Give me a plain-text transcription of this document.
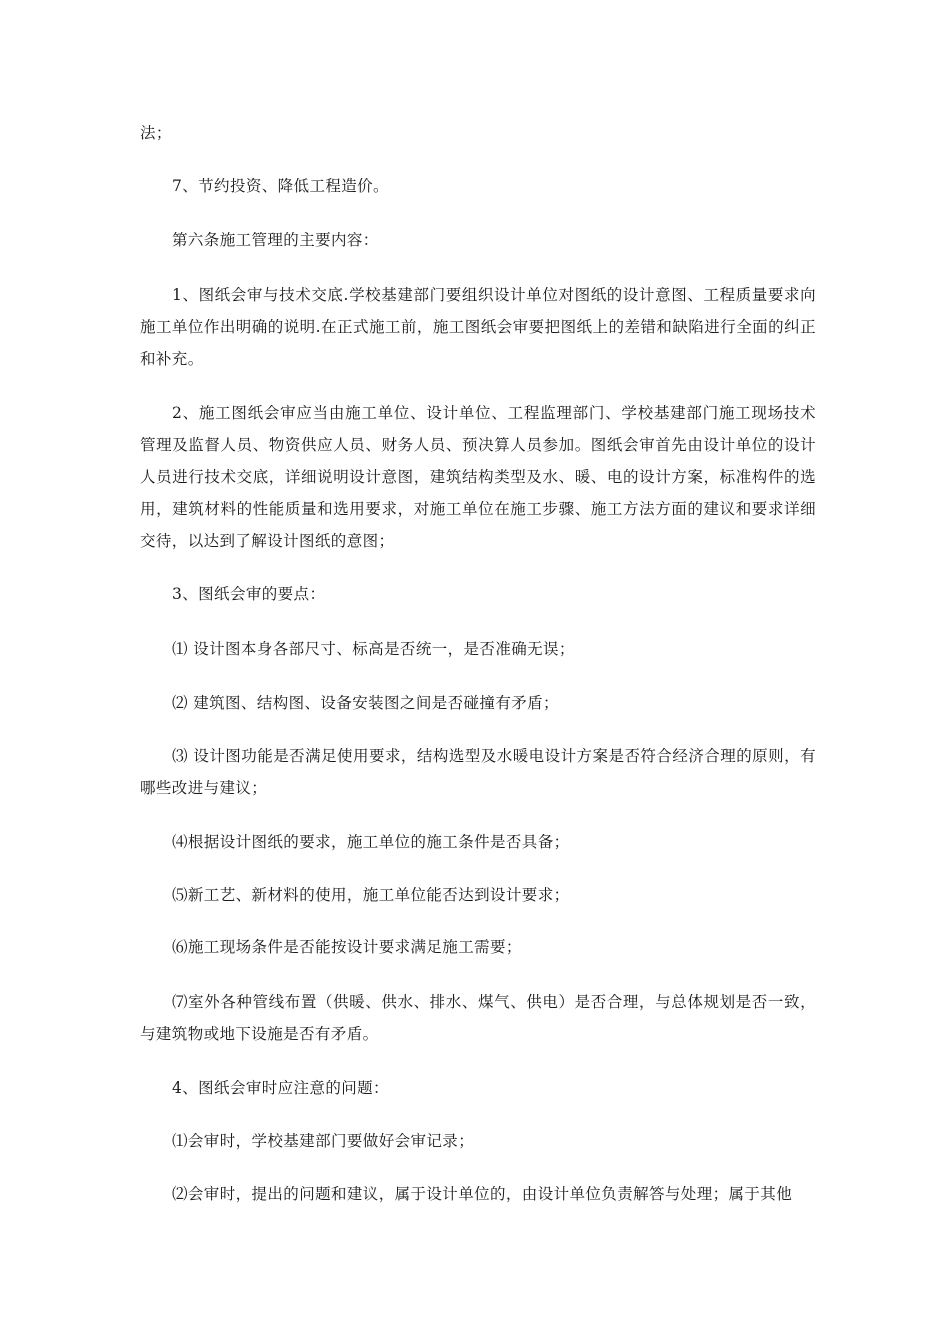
法；

7、节约投资、降低工程造价。

第六条施工管理的主要内容：

1、图纸会审与技术交底.学校基建部门要组织设计单位对图纸的设计意图、工程质量要求向施工单位作出明确的说明.在正式施工前，施工图纸会审要把图纸上的差错和缺陷进行全面的纠正和补充。

2、施工图纸会审应当由施工单位、设计单位、工程监理部门、学校基建部门施工现场技术管理及监督人员、物资供应人员、财务人员、预决算人员参加。图纸会审首先由设计单位的设计人员进行技术交底，详细说明设计意图，建筑结构类型及水、暖、电的设计方案，标准构件的选用，建筑材料的性能质量和选用要求，对施工单位在施工步骤、施工方法方面的建议和要求详细交待，以达到了解设计图纸的意图；

3、图纸会审的要点：

⑴ 设计图本身各部尺寸、标高是否统一，是否准确无误；

⑵ 建筑图、结构图、设备安装图之间是否碰撞有矛盾；

⑶ 设计图功能是否满足使用要求，结构选型及水暖电设计方案是否符合经济合理的原则，有哪些改进与建议；

⑷根据设计图纸的要求，施工单位的施工条件是否具备；

⑸新工艺、新材料的使用，施工单位能否达到设计要求；

⑹施工现场条件是否能按设计要求满足施工需要；

⑺室外各种管线布置（供暖、供水、排水、煤气、供电）是否合理，与总体规划是否一致，与建筑物或地下设施是否有矛盾。

4、图纸会审时应注意的问题：

⑴会审时，学校基建部门要做好会审记录；

⑵会审时，提出的问题和建议，属于设计单位的，由设计单位负责解答与处理；属于其他
